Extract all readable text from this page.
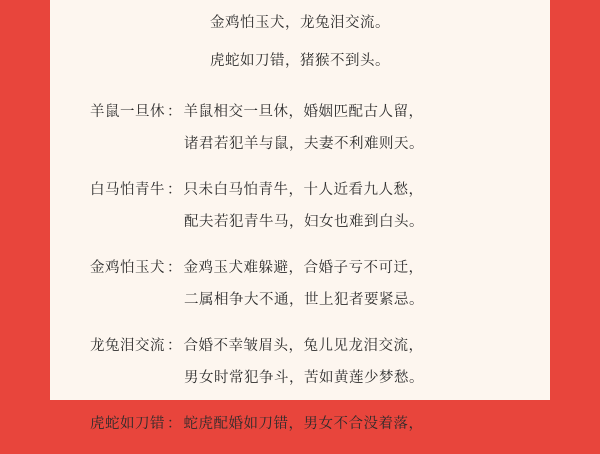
金鸡怕玉犬，龙兔泪交流。
虎蛇如刀错，猪猴不到头。
羊鼠一旦休 ： 羊鼠相交一旦休，婚姻匹配古人留，
诸君若犯羊与鼠，夫妻不利难则天。
白马怕青牛 ： 只未白马怕青牛，十人近看九人愁，
配夫若犯青牛马，妇女也难到白头。
金鸡怕玉犬 ： 金鸡玉犬难躲避，合婚子亏不可迁，
二属相争大不通，世上犯者要紧忌。
龙兔泪交流 ： 合婚不幸皱眉头，兔儿见龙泪交流，
男女时常犯争斗，苦如黄莲少梦愁。
虎蛇如刀错 ： 蛇虎配婚如刀错，男女不合没着落，
